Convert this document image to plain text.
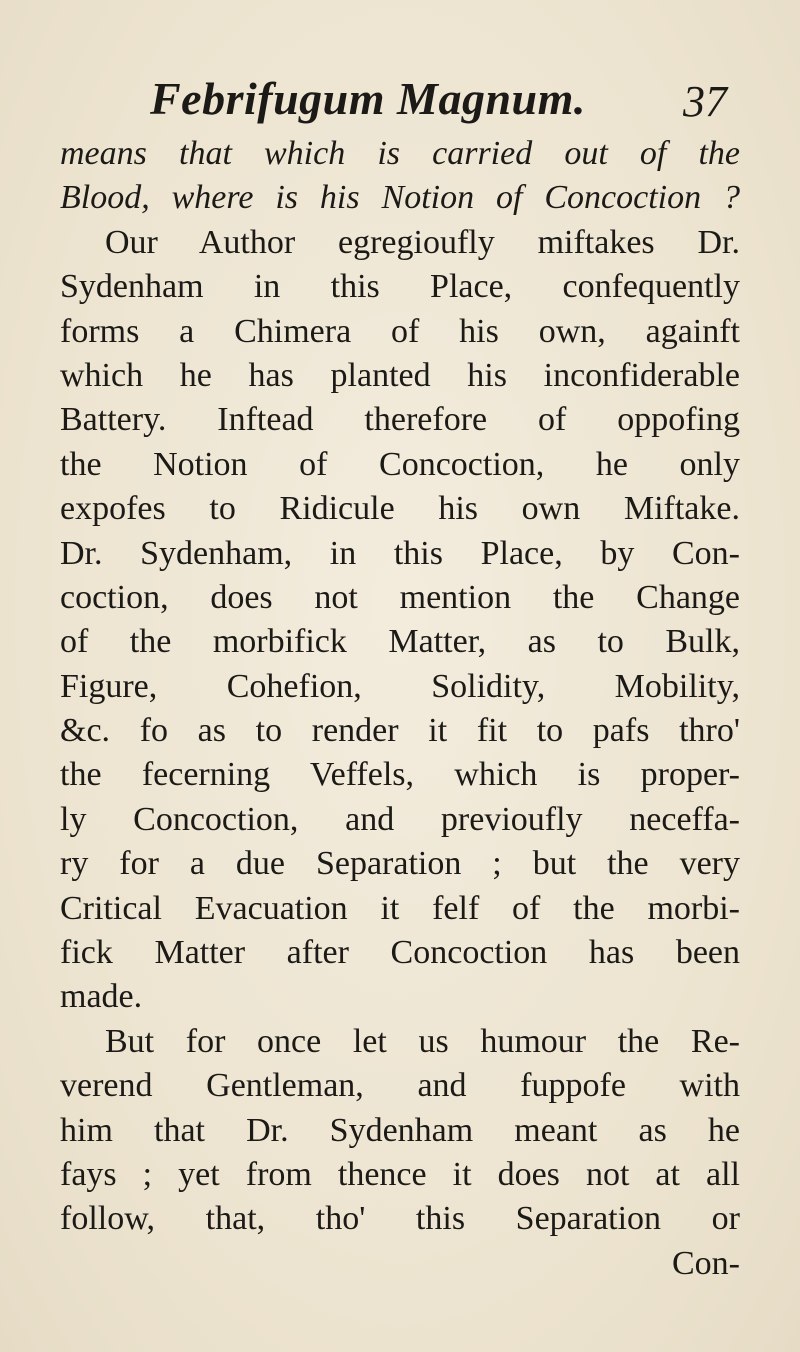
Febrifugum Magnum. 37
means that which is carried out of the
Blood, where is his Notion of Concoction ?
Our Author egregioufly miftakes Dr.
Sydenham in this Place, confequently
forms a Chimera of his own, againft
which he has planted his inconfiderable
Battery. Inftead therefore of oppofing
the Notion of Concoction, he only
expofes to Ridicule his own Miftake.
Dr. Sydenham, in this Place, by Con-
coction, does not mention the Change
of the morbifick Matter, as to Bulk,
Figure, Cohefion, Solidity, Mobility,
&c. fo as to render it fit to pafs thro'
the fecerning Veffels, which is proper-
ly Concoction, and previoufly neceffa-
ry for a due Separation ; but the very
Critical Evacuation it felf of the morbi-
fick Matter after Concoction has been
made.
But for once let us humour the Re-
verend Gentleman, and fuppofe with
him that Dr. Sydenham meant as he
fays ; yet from thence it does not at all
follow, that, tho' this Separation or
Con-
